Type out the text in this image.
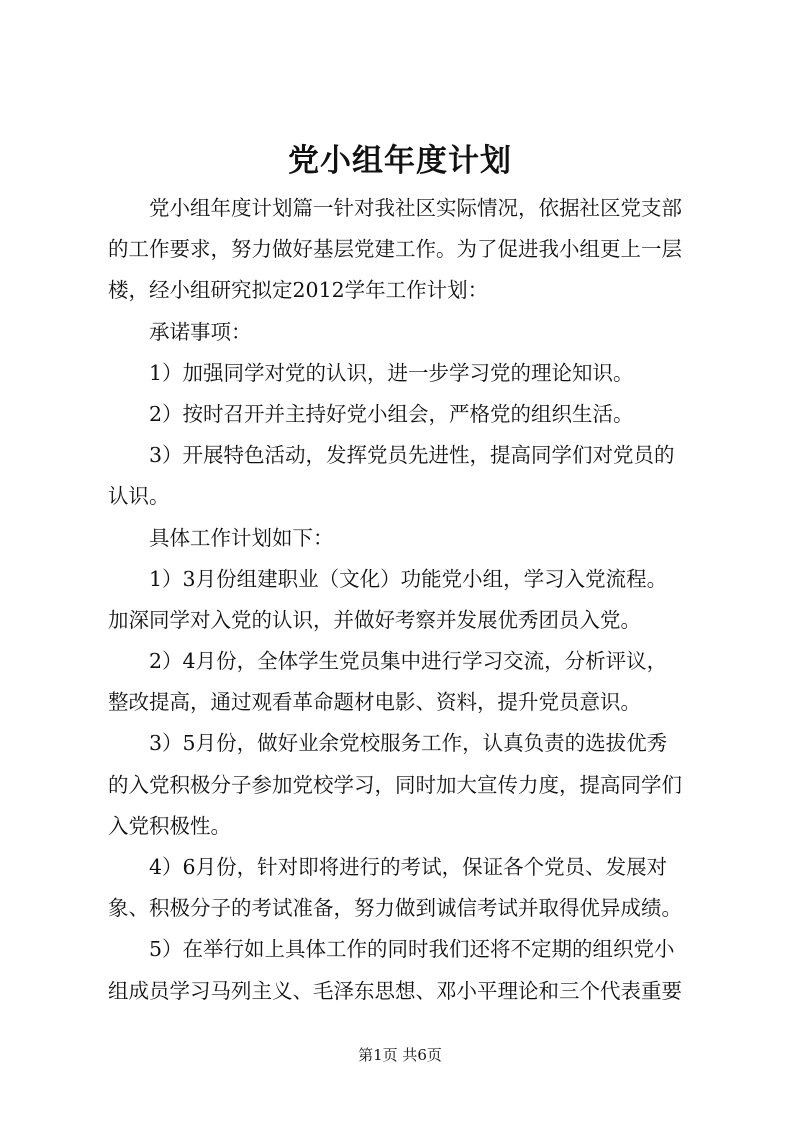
党小组年度计划
党小组年度计划篇一针对我社区实际情况，依据社区党支部
的工作要求，努力做好基层党建工作。为了促进我小组更上一层
楼，经小组研究拟定2012学年工作计划：
承诺事项：
1）加强同学对党的认识，进一步学习党的理论知识。
2）按时召开并主持好党小组会，严格党的组织生活。
3）开展特色活动，发挥党员先进性，提高同学们对党员的
认识。
具体工作计划如下：
1）3月份组建职业（文化）功能党小组，学习入党流程。
加深同学对入党的认识，并做好考察并发展优秀团员入党。
2）4月份，全体学生党员集中进行学习交流，分析评议，
整改提高，通过观看革命题材电影、资料，提升党员意识。
3）5月份，做好业余党校服务工作，认真负责的选拔优秀
的入党积极分子参加党校学习，同时加大宣传力度，提高同学们
入党积极性。
4）6月份，针对即将进行的考试，保证各个党员、发展对
象、积极分子的考试准备，努力做到诚信考试并取得优异成绩。
5）在举行如上具体工作的同时我们还将不定期的组织党小
组成员学习马列主义、毛泽东思想、邓小平理论和三个代表重要
第1页 共6页
